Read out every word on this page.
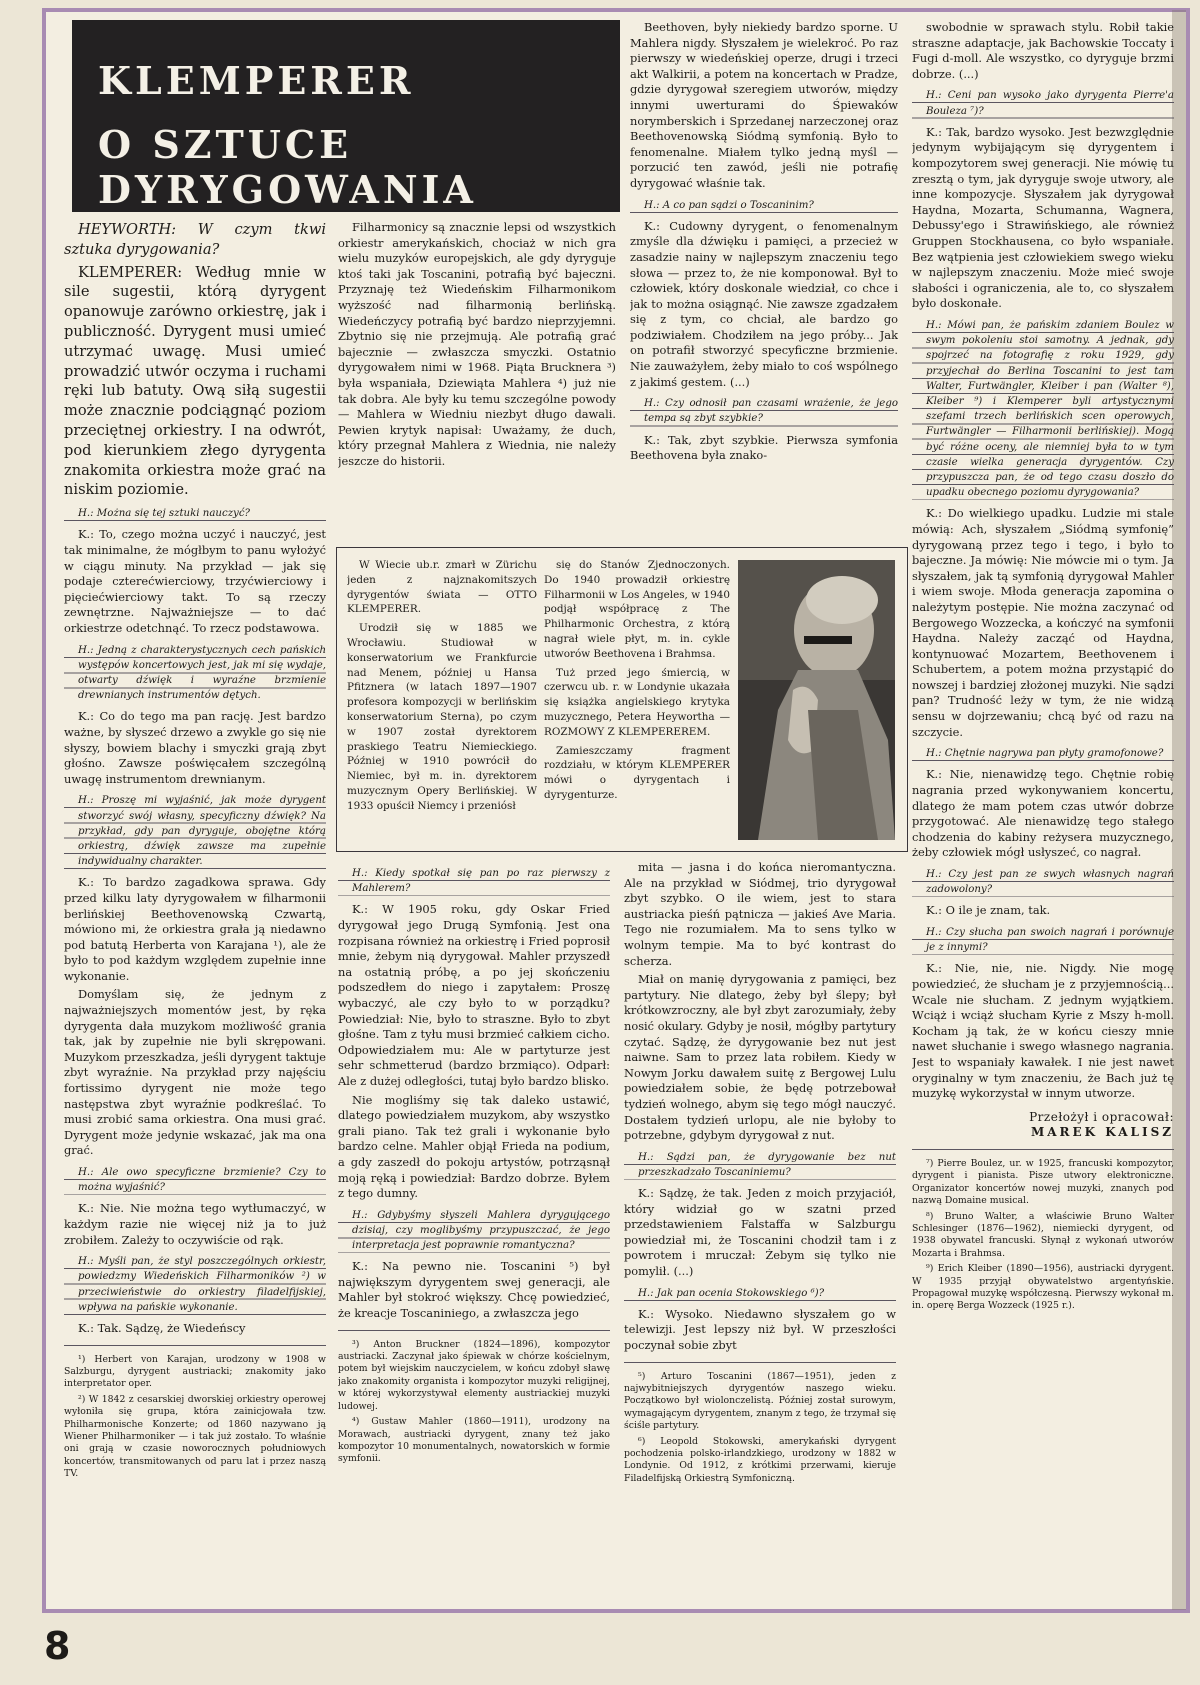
KLEMPERER
O SZTUCE DYRYGOWANIA

HEYWORTH: W czym tkwi sztuka dyrygowania?

KLEMPERER: Według mnie w sile sugestii, którą dyrygent opanowuje zarówno orkiestrę, jak i publiczność. Dyrygent musi umieć utrzymać uwagę. Musi umieć prowadzić utwór oczyma i ruchami ręki lub batuty. Ową siłą sugestii może znacznie podciągnąć poziom przeciętnej orkiestry. I na odwrót, pod kierunkiem złego dyrygenta znakomita orkiestra może grać na niskim poziomie.

H.: Można się tej sztuki nauczyć?

K.: To, czego można uczyć i nauczyć, jest tak minimalne, że mógłbym to panu wyłożyć w ciągu minuty. Na przykład — jak się podaje czterećwierciowy, trzyćwierciowy i pięciećwierciowy takt. To są rzeczy zewnętrzne. Najważniejsze — to dać orkiestrze odetchnąć. To rzecz podstawowa.

H.: Jedną z charakterystycznych cech pańskich występów koncertowych jest, jak mi się wydaje, otwarty dźwięk i wyraźne brzmienie drewnianych instrumentów dętych.

K.: Co do tego ma pan rację. Jest bardzo ważne, by słyszeć drzewo a zwykle go się nie słyszy, bowiem blachy i smyczki grają zbyt głośno. Zawsze poświęcałem szczególną uwagę instrumentom drewnianym.

H.: Proszę mi wyjaśnić, jak może dyrygent stworzyć swój własny, specyficzny dźwięk? Na przykład, gdy pan dyryguje, obojętne którą orkiestrą, dźwięk zawsze ma zupełnie indywidualny charakter.

K.: To bardzo zagadkowa sprawa. Gdy przed kilku laty dyrygowałem w filharmonii berlińskiej Beethovenowską Czwartą, mówiono mi, że orkiestra grała ją niedawno pod batutą Herberta von Karajana ¹), ale że było to pod każdym względem zupełnie inne wykonanie.

Domyślam się, że jednym z najważniejszych momentów jest, by ręka dyrygenta dała muzykom możliwość grania tak, jak by zupełnie nie byli skrępowani. Muzykom przeszkadza, jeśli dyrygent taktuje zbyt wyraźnie. Na przykład przy najęściu fortissimo dyrygent nie może tego następstwa zbyt wyraźnie podkreślać. To musi zrobić sama orkiestra. Ona musi grać. Dyrygent może jedynie wskazać, jak ma ona grać.

H.: Ale owo specyficzne brzmienie? Czy to można wyjaśnić?

K.: Nie. Nie można tego wytłumaczyć, w każdym razie nie więcej niż ja to już zrobiłem. Zależy to oczywiście od rąk.

H.: Myśli pan, że styl poszczególnych orkiestr, powiedzmy Wiedeńskich Filharmoników ²) w przeciwieństwie do orkiestry filadelfijskiej, wpływa na pańskie wykonanie.

K.: Tak. Sądzę, że Wiedeńscy

¹) Herbert von Karajan, urodzony w 1908 w Salzburgu, dyrygent austriacki; znakomity jako interpretator oper.

²) W 1842 z cesarskiej dworskiej orkiestry operowej wyłoniła się grupa, która zainicjowała tzw. Philharmonische Konzerte; od 1860 nazywano ją Wiener Philharmoniker — i tak już zostało. To właśnie oni grają w czasie noworocznych południowych koncertów, transmitowanych od paru lat i przez naszą TV.

Filharmonicy są znacznie lepsi od wszystkich orkiestr amerykańskich, chociaż w nich gra wielu muzyków europejskich, ale gdy dyryguje ktoś taki jak Toscanini, potrafią być bajeczni. Przyznaję też Wiedeńskim Filharmonikom wyższość nad filharmonią berlińską. Wiedeńczycy potrafią być bardzo nieprzyjemni. Zbytnio się nie przejmują. Ale potrafią grać bajecznie — zwłaszcza smyczki. Ostatnio dyrygowałem nimi w 1968. Piąta Brucknera ³) była wspaniała, Dziewiąta Mahlera ⁴) już nie tak dobra. Ale były ku temu szczególne powody — Mahlera w Wiedniu niezbyt długo dawali. Pewien krytyk napisał: Uważamy, że duch, który przegnał Mahlera z Wiednia, nie należy jeszcze do historii.

Beethoven, były niekiedy bardzo sporne. U Mahlera nigdy. Słyszałem je wielekroć. Po raz pierwszy w wiedeńskiej operze, drugi i trzeci akt Walkirii, a potem na koncertach w Pradze, gdzie dyrygował szeregiem utworów, między innymi uwerturami do Śpiewaków norymberskich i Sprzedanej narzeczonej oraz Beethovenowską Siódmą symfonią. Było to fenomenalne. Miałem tylko jedną myśl — porzucić ten zawód, jeśli nie potrafię dyrygować właśnie tak.

H.: A co pan sądzi o Toscaninim?

K.: Cudowny dyrygent, o fenomenalnym zmyśle dla dźwięku i pamięci, a przecież w zasadzie nainy w najlepszym znaczeniu tego słowa — przez to, że nie komponował. Był to człowiek, który doskonale wiedział, co chce i jak to można osiągnąć. Nie zawsze zgadzałem się z tym, co chciał, ale bardzo go podziwiałem. Chodziłem na jego próby... Jak on potrafił stworzyć specyficzne brzmienie. Nie zauważyłem, żeby miało to coś wspólnego z jakimś gestem. (...)

H.: Czy odnosił pan czasami wrażenie, że jego tempa są zbyt szybkie?

K.: Tak, zbyt szybkie. Pierwsza symfonia Beethovena była znako-

W Wiecie ub.r. zmarł w Zürichu jeden z najznakomitszych dyrygentów świata — OTTO KLEMPERER.

Urodził się w 1885 we Wrocławiu. Studiował w konserwatorium we Frankfurcie nad Menem, później u Hansa Pfitznera (w latach 1897—1907 profesora kompozycji w berlińskim konserwatorium Sterna), po czym w 1907 został dyrektorem praskiego Teatru Niemieckiego. Później w 1910 powrócił do Niemiec, był m. in. dyrektorem muzycznym Opery Berlińskiej. W 1933 opuścił Niemcy i przeniósł

się do Stanów Zjednoczonych. Do 1940 prowadził orkiestrę Filharmonii w Los Angeles, w 1940 podjął współpracę z The Philharmonic Orchestra, z którą nagrał wiele płyt, m. in. cykle utworów Beethovena i Brahmsa.

Tuż przed jego śmiercią, w czerwcu ub. r. w Londynie ukazała się książka angielskiego krytyka muzycznego, Petera Heyworthа — ROZMOWY Z KLEMPEREREM.

Zamieszczamy fragment rozdziału, w którym KLEMPERER mówi o dyrygentach i dyrygenturze.

H.: Kiedy spotkał się pan po raz pierwszy z Mahlerem?

K.: W 1905 roku, gdy Oskar Fried dyrygował jego Drugą Symfonią. Jest ona rozpisana również na orkiestrę i Fried poprosił mnie, żebym nią dyrygował. Mahler przyszedł na ostatnią próbę, a po jej skończeniu podszedłem do niego i zapytałem: Proszę wybaczyć, ale czy było to w porządku? Powiedział: Nie, było to straszne. Było to zbyt głośne. Tam z tyłu musi brzmieć całkiem cicho. Odpowiedziałem mu: Ale w partyturze jest sehr schmetterud (bardzo brzmiąco). Odparł: Ale z dużej odległości, tutaj było bardzo blisko.

Nie mogliśmy się tak daleko ustawić, dlatego powiedziałem muzykom, aby wszystko grali piano. Tak też grali i wykonanie było bardzo celne. Mahler objął Frieda na podium, a gdy zaszedł do pokoju artystów, potrząsnął moją ręką i powiedział: Bardzo dobrze. Byłem z tego dumny.

H.: Gdybyśmy słyszeli Mahlera dyrygującego dzisiaj, czy moglibyśmy przypuszczać, że jego interpretacja jest poprawnie romantyczna?

K.: Na pewno nie. Toscanini ⁵) był największym dyrygentem swej generacji, ale Mahler był stokroć większy. Chcę powiedzieć, że kreacje Toscaniniego, a zwłaszcza jego

³) Anton Bruckner (1824—1896), kompozytor austriacki. Zaczynał jako śpiewak w chórze kościelnym, potem był wiejskim nauczycielem, w końcu zdobył sławę jako znakomity organista i kompozytor muzyki religijnej, w której wykorzystywał elementy austriackiej muzyki ludowej.

⁴) Gustaw Mahler (1860—1911), urodzony na Morawach, austriacki dyrygent, znany też jako kompozytor 10 monumentalnych, nowatorskich w formie symfonii.

mita — jasna i do końca nieromantyczna. Ale na przykład w Siódmej, trio dyrygował zbyt szybko. O ile wiem, jest to stara austriacka pieśń pątnicza — jakieś Ave Maria. Tego nie rozumiałem. Ma to sens tylko w wolnym tempie. Ma to być kontrast do scherza.

Miał on manię dyrygowania z pamięci, bez partytury. Nie dlatego, żeby był ślepy; był krótkowzroczny, ale był zbyt zarozumiały, żeby nosić okulary. Gdyby je nosił, mógłby partytury czytać. Sądzę, że dyrygowanie bez nut jest naiwne. Sam to przez lata robiłem. Kiedy w Nowym Jorku dawałem suitę z Bergowej Lulu powiedziałem sobie, że będę potrzebował tydzień wolnego, abym się tego mógł nauczyć. Dostałem tydzień urlopu, ale nie byłoby to potrzebne, gdybym dyrygował z nut.

H.: Sądzi pan, że dyrygowanie bez nut przeszkadzało Toscaniniemu?

K.: Sądzę, że tak. Jeden z moich przyjaciół, który widział go w szatni przed przedstawieniem Falstaffa w Salzburgu powiedział mi, że Toscanini chodził tam i z powrotem i mruczał: Żebym się tylko nie pomylił. (...)

H.: Jak pan ocenia Stokowskiego ⁶)?

K.: Wysoko. Niedawno słyszałem go w telewizji. Jest lepszy niż był. W przeszłości poczynał sobie zbyt

⁵) Arturo Toscanini (1867—1951), jeden z najwybitniejszych dyrygentów naszego wieku. Początkowo był wiolonczelistą. Później został surowym, wymagającym dyrygentem, znanym z tego, że trzymał się ściśle partytury.

⁶) Leopold Stokowski, amerykański dyrygent pochodzenia polsko-irlandzkiego, urodzony w 1882 w Londynie. Od 1912, z krótkimi przerwami, kieruje Filadelfijską Orkiestrą Symfoniczną.

swobodnie w sprawach stylu. Robił takie straszne adaptacje, jak Bachowskie Toccaty i Fugi d-moll. Ale wszystko, co dyryguje brzmi dobrze. (...)

H.: Ceni pan wysoko jako dyrygenta Pierre'a Bouleza ⁷)?

K.: Tak, bardzo wysoko. Jest bezwzględnie jedynym wybijającym się dyrygentem i kompozytorem swej generacji. Nie mówię tu zresztą o tym, jak dyryguje swoje utwory, ale inne kompozycje. Słyszałem jak dyrygował Haydna, Mozarta, Schumanna, Wagnera, Debussy'ego i Strawińskiego, ale również Gruppen Stockhausena, co było wspaniałe. Bez wątpienia jest człowiekiem swego wieku w najlepszym znaczeniu. Może mieć swoje słabości i ograniczenia, ale to, co słyszałem było doskonałe.

H.: Mówi pan, że pańskim zdaniem Boulez w swym pokoleniu stoi samotny. A jednak, gdy spojrzeć na fotografię z roku 1929, gdy przyjechał do Berlina Toscanini to jest tam Walter, Furtwängler, Kleiber i pan (Walter ⁸), Kleiber ⁹) i Klemperer byli artystycznymi szefami trzech berlińskich scen operowych, Furtwängler — Filharmonii berlińskiej). Mogą być różne oceny, ale niemniej była to w tym czasie wielka generacja dyrygentów. Czy przypuszcza pan, że od tego czasu doszło do upadku obecnego poziomu dyrygowania?

K.: Do wielkiego upadku. Ludzie mi stale mówią: Ach, słyszałem „Siódmą symfonię” dyrygowaną przez tego i tego, i było to bajeczne. Ja mówię: Nie mówcie mi o tym. Ja słyszałem, jak tą symfonią dyrygował Mahler i wiem swoje. Młoda generacja zapomina o należytym postępie. Nie można zaczynać od Bergowego Wozzecka, a kończyć na symfonii Haydna. Należy zacząć od Haydna, kontynuować Mozartem, Beethovenem i Schubertem, a potem można przystąpić do nowszej i bardziej złożonej muzyki. Nie sądzi pan? Trudność leży w tym, że nie widzą sensu w dojrzewaniu; chcą być od razu na szczycie.

H.: Chętnie nagrywa pan płyty gramofonowe?

K.: Nie, nienawidzę tego. Chętnie robię nagrania przed wykonywaniem koncertu, dlatego że mam potem czas utwór dobrze przygotować. Ale nienawidzę tego stałego chodzenia do kabiny reżysera muzycznego, żeby człowiek mógł usłyszeć, co nagrał.

H.: Czy jest pan ze swych własnych nagrań zadowolony?

K.: O ile je znam, tak.

H.: Czy słucha pan swoich nagrań i porównuje je z innymi?

K.: Nie, nie, nie. Nigdy. Nie mogę powiedzieć, że słucham je z przyjemnością... Wcale nie słucham. Z jednym wyjątkiem. Wciąż i wciąż słucham Kyrie z Mszy h-moll. Kocham ją tak, że w końcu cieszy mnie nawet słuchanie i swego własnego nagrania. Jest to wspaniały kawałek. I nie jest nawet oryginalny w tym znaczeniu, że Bach już tę muzykę wykorzystał w innym utworze.

Przełożył i opracował:
MAREK KALISZ

⁷) Pierre Boulez, ur. w 1925, francuski kompozytor, dyrygent i pianista. Pisze utwory elektroniczne. Organizator koncertów nowej muzyki, znanych pod nazwą Domaine musical.

⁸) Bruno Walter, a właściwie Bruno Walter Schlesinger (1876—1962), niemiecki dyrygent, od 1938 obywatel francuski. Słynął z wykonań utworów Mozarta i Brahmsa.

⁹) Erich Kleiber (1890—1956), austriacki dyrygent. W 1935 przyjął obywatelstwo argentyńskie. Propagował muzykę współczesną. Pierwszy wykonał m. in. operę Berga Wozzeck (1925 r.).

8
